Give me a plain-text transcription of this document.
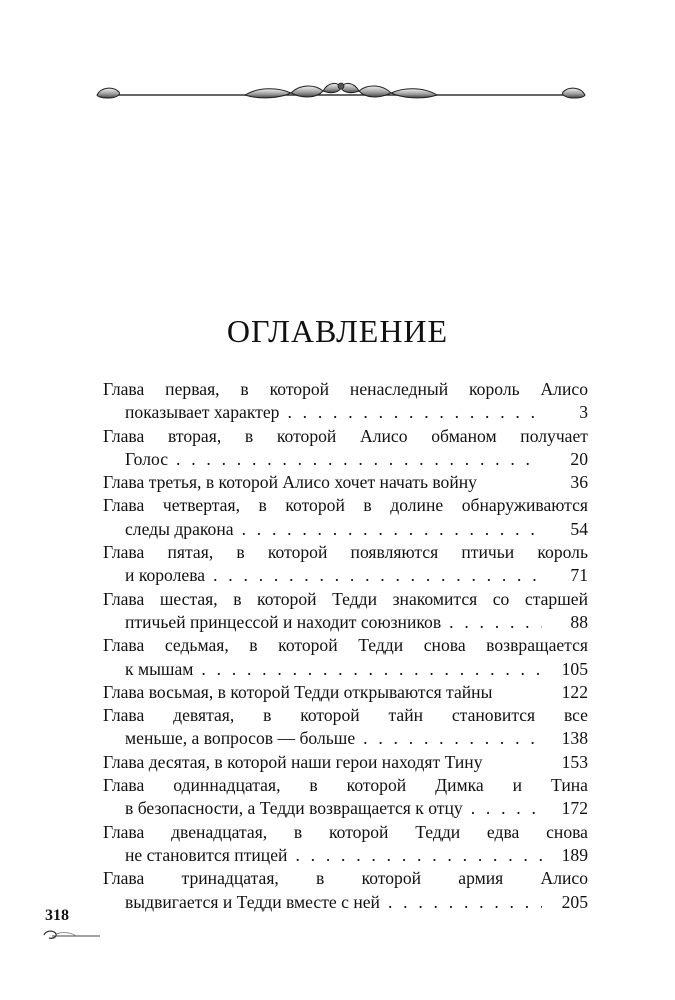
ОГЛАВЛЕНИЕ
Глава первая, в которой ненаследный король Алисо
показывает характер . . .	3
Глава вторая, в которой Алисо обманом получает
Голос . . .	20
Глава третья, в которой Алисо хочет начать войну	36
Глава четвертая, в которой в долине обнаруживаются
следы дракона . . .	54
Глава пятая, в которой появляются птичьи король
и королева . . .	71
Глава шестая, в которой Тедди знакомится со старшей
птичьей принцессой и находит союзников . . .	88
Глава седьмая, в которой Тедди снова возвращается
к мышам . . .	105
Глава восьмая, в которой Тедди открываются тайны	122
Глава девятая, в которой тайн становится все
меньше, а вопросов — больше . . .	138
Глава десятая, в которой наши герои находят Тину	153
Глава одиннадцатая, в которой Димка и Тина
в безопасности, а Тедди возвращается к отцу . . .	172
Глава двенадцатая, в которой Тедди едва снова
не становится птицей . . .	189
Глава тринадцатая, в которой армия Алисо
выдвигается и Тедди вместе с ней . . .	205
318
